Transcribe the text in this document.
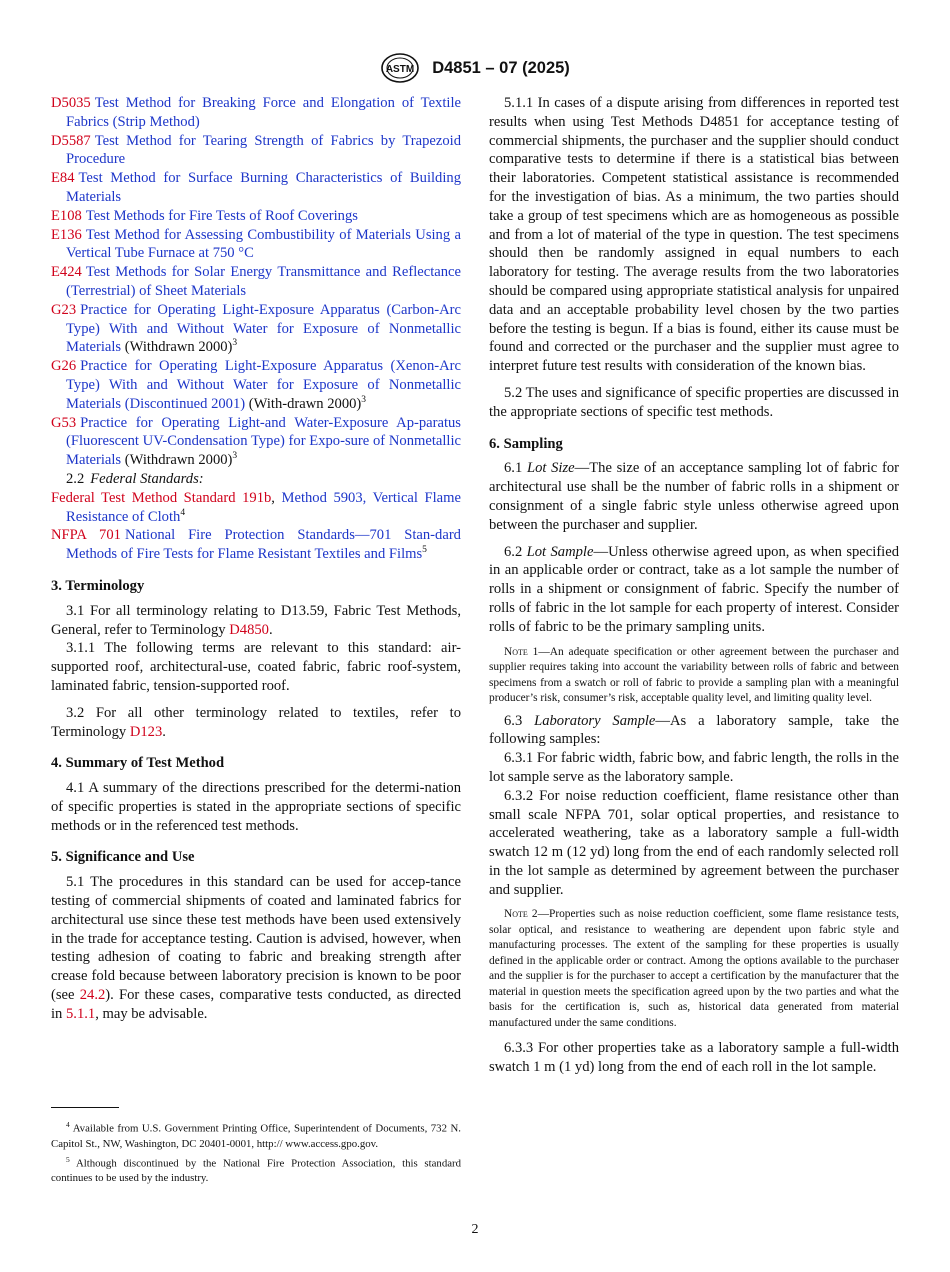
ASTM D4851 – 07 (2025)

D5035 Test Method for Breaking Force and Elongation of Textile Fabrics (Strip Method)

D5587 Test Method for Tearing Strength of Fabrics by Trapezoid Procedure

E84 Test Method for Surface Burning Characteristics of Building Materials

E108 Test Methods for Fire Tests of Roof Coverings

E136 Test Method for Assessing Combustibility of Materials Using a Vertical Tube Furnace at 750 °C

E424 Test Methods for Solar Energy Transmittance and Reflectance (Terrestrial) of Sheet Materials

G23 Practice for Operating Light-Exposure Apparatus (Carbon-Arc Type) With and Without Water for Exposure of Nonmetallic Materials (Withdrawn 2000)$^3$

G26 Practice for Operating Light-Exposure Apparatus (Xenon-Arc Type) With and Without Water for Exposure of Nonmetallic Materials (Discontinued 2001) (With-drawn 2000)$^3$

G53 Practice for Operating Light-and Water-Exposure Ap-paratus (Fluorescent UV-Condensation Type) for Expo-sure of Nonmetallic Materials (Withdrawn 2000)$^3$

2.2 Federal Standards:

Federal Test Method Standard 191b, Method 5903, Vertical Flame Resistance of Cloth$^4$

NFPA 701 National Fire Protection Standards—701 Stan-dard Methods of Fire Tests for Flame Resistant Textiles and Films$^5$

3. Terminology

3.1 For all terminology relating to D13.59, Fabric Test Methods, General, refer to Terminology D4850.

3.1.1 The following terms are relevant to this standard: air-supported roof, architectural-use, coated fabric, fabric roof-system, laminated fabric, tension-supported roof.

3.2 For all other terminology related to textiles, refer to Terminology D123.

4. Summary of Test Method

4.1 A summary of the directions prescribed for the determi-nation of specific properties is stated in the appropriate sections of specific methods or in the referenced test methods.

5. Significance and Use

5.1 The procedures in this standard can be used for accep-tance testing of commercial shipments of coated and laminated fabrics for architectural use since these test methods have been used extensively in the trade for acceptance testing. Caution is advised, however, when testing adhesion of coating to fabric and breaking strength after crease fold because between laboratory precision is known to be poor (see 24.2). For these cases, comparative tests conducted, as directed in 5.1.1, may be advisable.

5.1.1 In cases of a dispute arising from differences in reported test results when using Test Methods D4851 for acceptance testing of commercial shipments, the purchaser and the supplier should conduct comparative tests to determine if there is a statistical bias between their laboratories. Competent statistical assistance is recommended for the investigation of bias. As a minimum, the two parties should take a group of test specimens which are as homogeneous as possible and from a lot of material of the type in question. The test specimens should then be randomly assigned in equal numbers to each laboratory for testing. The average results from the two laboratories should be compared using appropriate statistical analysis for unpaired data and an acceptable probability level chosen by the two parties before the testing is begun. If a bias is found, either its cause must be found and corrected or the purchaser and the supplier must agree to interpret future test results with consideration of the known bias.

5.2 The uses and significance of specific properties are discussed in the appropriate sections of specific test methods.

6. Sampling

6.1 Lot Size—The size of an acceptance sampling lot of fabric for architectural use shall be the number of fabric rolls in a shipment or consignment of a single fabric style unless otherwise agreed upon between the purchaser and supplier.

6.2 Lot Sample—Unless otherwise agreed upon, as when specified in an applicable order or contract, take as a lot sample the number of rolls in a shipment or consignment of fabric. Specify the number of rolls of fabric in the lot sample for each property of interest. Consider rolls of fabric to be the primary sampling units.

Note 1—An adequate specification or other agreement between the purchaser and supplier requires taking into account the variability between rolls of fabric and between specimens from a swatch or roll of fabric to provide a sampling plan with a meaningful producer’s risk, consumer’s risk, acceptable quality level, and limiting quality level.

6.3 Laboratory Sample—As a laboratory sample, take the following samples:

6.3.1 For fabric width, fabric bow, and fabric length, the rolls in the lot sample serve as the laboratory sample.

6.3.2 For noise reduction coefficient, flame resistance other than small scale NFPA 701, solar optical properties, and resistance to accelerated weathering, take as a laboratory sample a full-width swatch 12 m (12 yd) long from the end of each randomly selected roll in the lot sample as determined by agreement between the purchaser and supplier.

Note 2—Properties such as noise reduction coefficient, some flame resistance tests, solar optical, and resistance to weathering are dependent upon fabric style and manufacturing processes. The extent of the sampling for these properties is usually defined in the applicable order or contract. Among the options available to the purchaser and the supplier is for the purchaser to accept a certification by the manufacturer that the material in question meets the specification agreed upon by the two parties and what the basis for the certification is, such as, historical data generated from material manufactured under the same conditions.

6.3.3 For other properties take as a laboratory sample a full-width swatch 1 m (1 yd) long from the end of each roll in the lot sample.

$^4$ Available from U.S. Government Printing Office, Superintendent of Documents, 732 N. Capitol St., NW, Washington, DC 20401-0001, http:// www.access.gpo.gov.

$^5$ Although discontinued by the National Fire Protection Association, this standard continues to be used by the industry.

2
